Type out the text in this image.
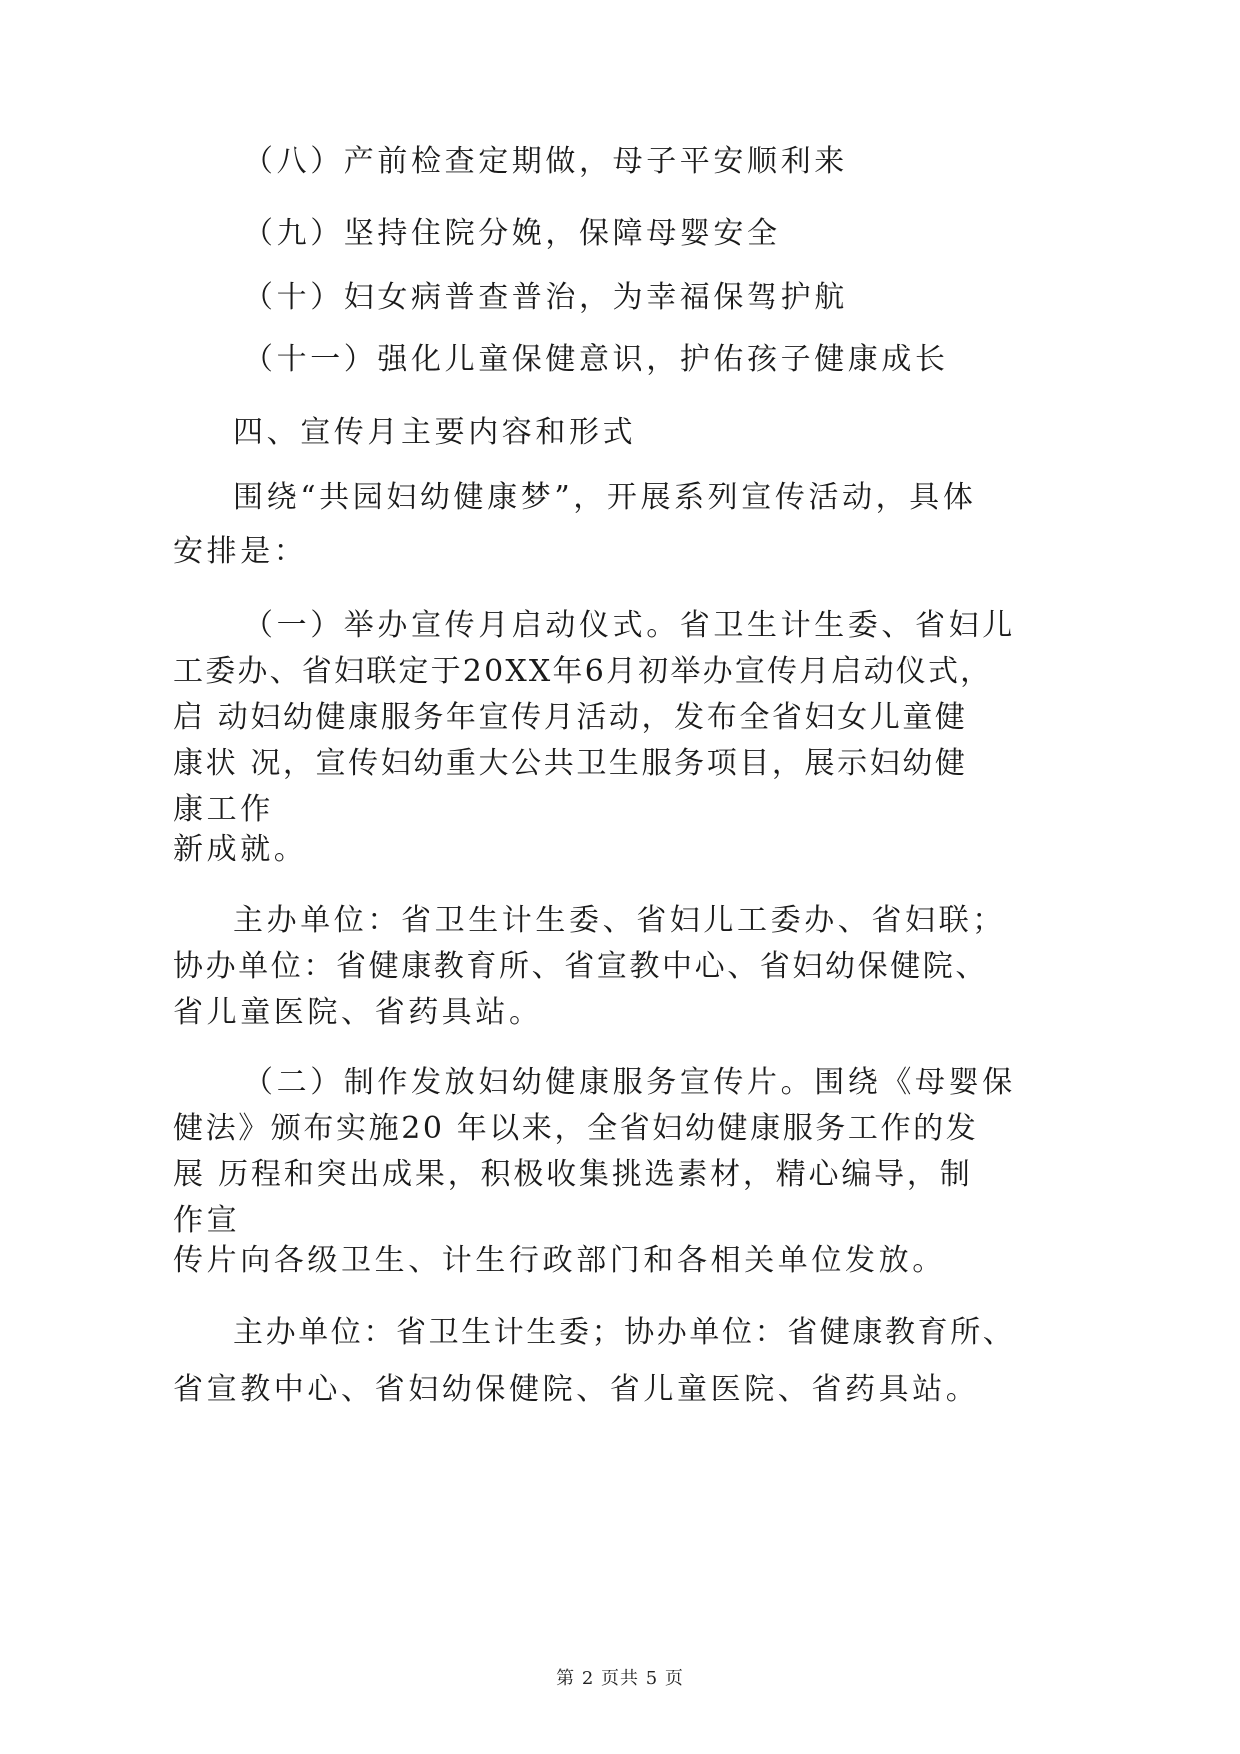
（八）产前检查定期做，母子平安顺利来
（九）坚持住院分娩，保障母婴安全
（十）妇女病普查普治，为幸福保驾护航
（十一）强化儿童保健意识，护佑孩子健康成长
四、宣传月主要内容和形式
围绕“共园妇幼健康梦”，开展系列宣传活动，具体
安排是：
（一）举办宣传月启动仪式。省卫生计生委、省妇儿
工委办、省妇联定于20XX年6月初举办宣传月启动仪式，
启 动妇幼健康服务年宣传月活动，发布全省妇女儿童健
康状 况，宣传妇幼重大公共卫生服务项目，展示妇幼健
康工作
新成就。
主办单位：省卫生计生委、省妇儿工委办、省妇联；
协办单位：省健康教育所、省宣教中心、省妇幼保健院、
省儿童医院、省药具站。
（二）制作发放妇幼健康服务宣传片。围绕《母婴保
健法》颁布实施20 年以来，全省妇幼健康服务工作的发
展 历程和突出成果，积极收集挑选素材，精心编导，制
作宣
传片向各级卫生、计生行政部门和各相关单位发放。
主办单位：省卫生计生委；协办单位：省健康教育所、
省宣教中心、省妇幼保健院、省儿童医院、省药具站。
第 2 页共 5 页
